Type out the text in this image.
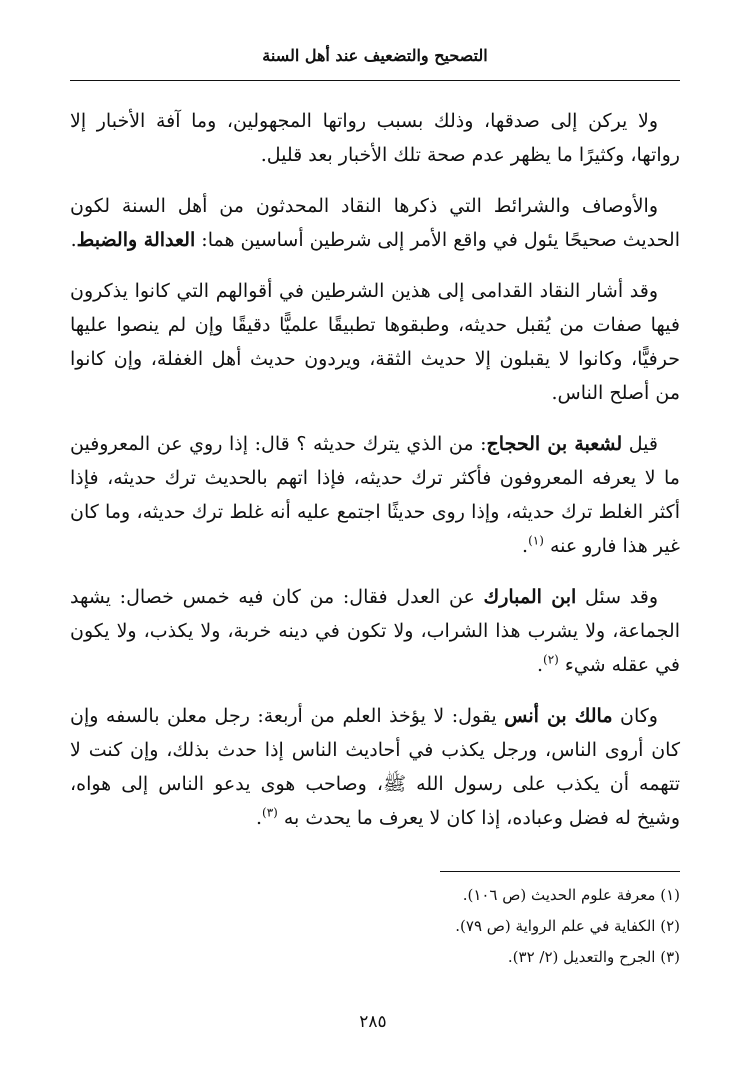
التصحيح والتضعيف عند أهل السنة

ولا يركن إلى صدقها، وذلك بسبب رواتها المجهولين، وما آفة الأخبار إلا رواتها، وكثيرًا ما يظهر عدم صحة تلك الأخبار بعد قليل.

والأوصاف والشرائط التي ذكرها النقاد المحدثون من أهل السنة لكون الحديث صحيحًا يئول في واقع الأمر إلى شرطين أساسين هما: العدالة والضبط.

وقد أشار النقاد القدامى إلى هذين الشرطين في أقوالهم التي كانوا يذكرون فيها صفات من يُقبل حديثه، وطبقوها تطبيقًا علميًّا دقيقًا وإن لم ينصوا عليها حرفيًّا، وكانوا لا يقبلون إلا حديث الثقة، ويردون حديث أهل الغفلة، وإن كانوا من أصلح الناس.

قيل لشعبة بن الحجاج: من الذي يترك حديثه ؟ قال: إذا روي عن المعروفين ما لا يعرفه المعروفون فأكثر ترك حديثه، فإذا اتهم بالحديث ترك حديثه، فإذا أكثر الغلط ترك حديثه، وإذا روى حديثًا اجتمع عليه أنه غلط ترك حديثه، وما كان غير هذا فارو عنه $^{(١)}$.

وقد سئل ابن المبارك عن العدل فقال: من كان فيه خمس خصال: يشهد الجماعة، ولا يشرب هذا الشراب، ولا تكون في دينه خربة، ولا يكذب، ولا يكون في عقله شيء $^{(٢)}$.

وكان مالك بن أنس يقول: لا يؤخذ العلم من أربعة: رجل معلن بالسفه وإن كان أروى الناس، ورجل يكذب في أحاديث الناس إذا حدث بذلك، وإن كنت لا تتهمه أن يكذب على رسول الله ﷺ، وصاحب هوى يدعو الناس إلى هواه، وشيخ له فضل وعباده، إذا كان لا يعرف ما يحدث به $^{(٣)}$.

(١) معرفة علوم الحديث (ص ١٠٦).
(٢) الكفاية في علم الرواية (ص ٧٩).
(٣) الجرح والتعديل (٢/ ٣٢).
٢٨٥
